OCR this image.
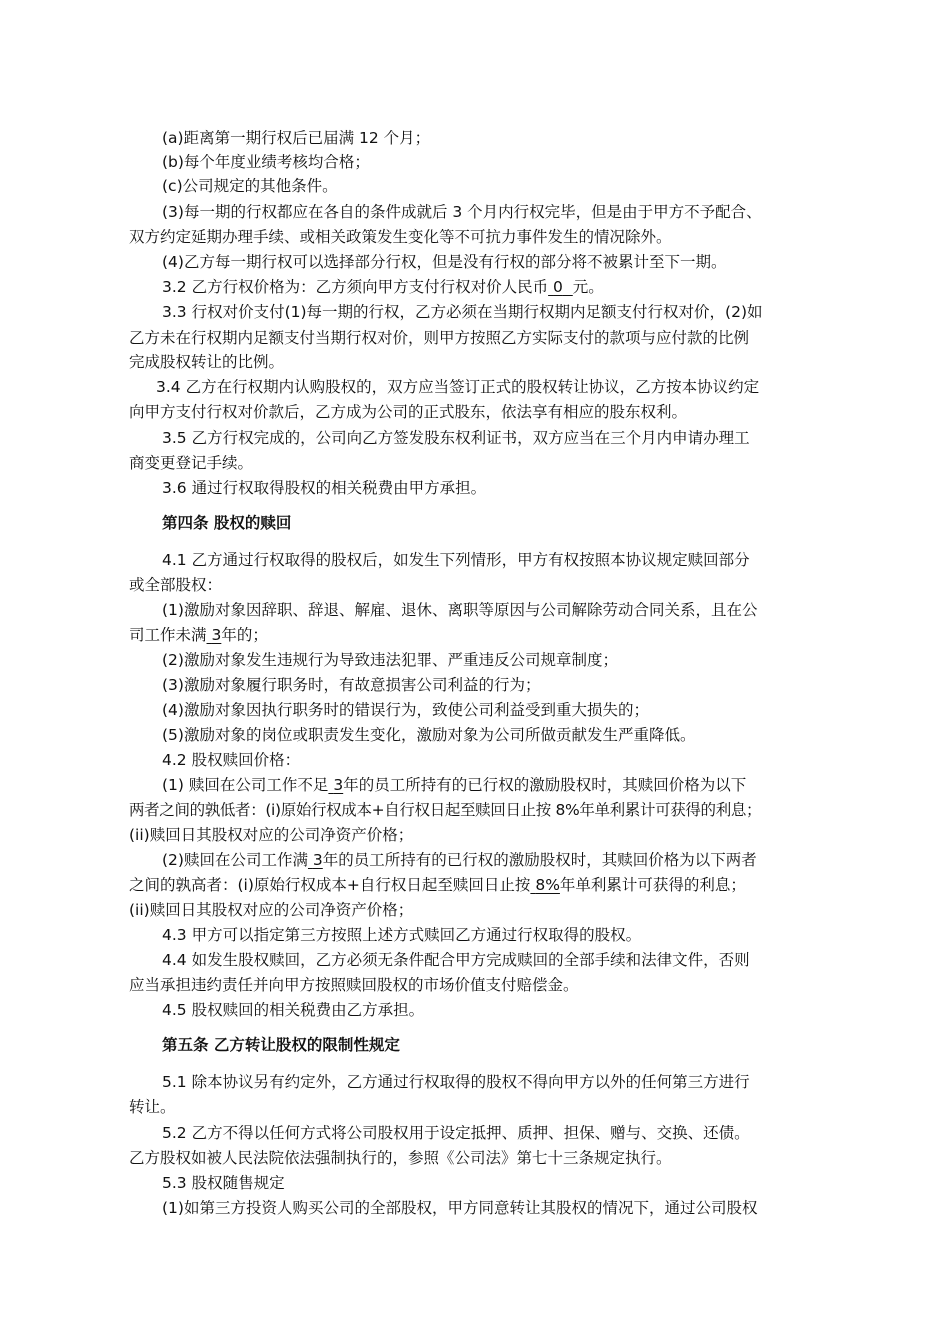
(a)距离第一期行权后已届满 12 个月；
(b)每个年度业绩考核均合格；
(c)公司规定的其他条件。
(3)每一期的行权都应在各自的条件成就后 3 个月内行权完毕，但是由于甲方不予配合、
双方约定延期办理手续、或相关政策发生变化等不可抗力事件发生的情况除外。
(4)乙方每一期行权可以选择部分行权，但是没有行权的部分将不被累计至下一期。
3.2 乙方行权价格为：乙方须向甲方支付行权对价人民币 0 元。
3.3 行权对价支付(1)每一期的行权，乙方必须在当期行权期内足额支付行权对价，(2)如
乙方未在行权期内足额支付当期行权对价，则甲方按照乙方实际支付的款项与应付款的比例
完成股权转让的比例。
3.4 乙方在行权期内认购股权的，双方应当签订正式的股权转让协议，乙方按本协议约定
向甲方支付行权对价款后，乙方成为公司的正式股东，依法享有相应的股东权利。
3.5 乙方行权完成的，公司向乙方签发股东权利证书，双方应当在三个月内申请办理工
商变更登记手续。
3.6 通过行权取得股权的相关税费由甲方承担。
第四条 股权的赎回
4.1 乙方通过行权取得的股权后，如发生下列情形，甲方有权按照本协议规定赎回部分
或全部股权：
(1)激励对象因辞职、辞退、解雇、退休、离职等原因与公司解除劳动合同关系，且在公
司工作未满 3年的；
(2)激励对象发生违规行为导致违法犯罪、严重违反公司规章制度；
(3)激励对象履行职务时，有故意损害公司利益的行为；
(4)激励对象因执行职务时的错误行为，致使公司利益受到重大损失的；
(5)激励对象的岗位或职责发生变化，激励对象为公司所做贡献发生严重降低。
4.2 股权赎回价格：
(1) 赎回在公司工作不足 3年的员工所持有的已行权的激励股权时，其赎回价格为以下
两者之间的孰低者：(i)原始行权成本+自行权日起至赎回日止按 8%年单利累计可获得的利息；
(ii)赎回日其股权对应的公司净资产价格；
(2)赎回在公司工作满 3年的员工所持有的已行权的激励股权时，其赎回价格为以下两者
之间的孰高者：(i)原始行权成本+自行权日起至赎回日止按 8%年单利累计可获得的利息；
(ii)赎回日其股权对应的公司净资产价格；
4.3 甲方可以指定第三方按照上述方式赎回乙方通过行权取得的股权。
4.4 如发生股权赎回，乙方必须无条件配合甲方完成赎回的全部手续和法律文件，否则
应当承担违约责任并向甲方按照赎回股权的市场价值支付赔偿金。
4.5 股权赎回的相关税费由乙方承担。
第五条 乙方转让股权的限制性规定
5.1 除本协议另有约定外，乙方通过行权取得的股权不得向甲方以外的任何第三方进行
转让。
5.2 乙方不得以任何方式将公司股权用于设定抵押、质押、担保、赠与、交换、还债。
乙方股权如被人民法院依法强制执行的，参照《公司法》第七十三条规定执行。
5.3 股权随售规定
(1)如第三方投资人购买公司的全部股权，甲方同意转让其股权的情况下，通过公司股权
